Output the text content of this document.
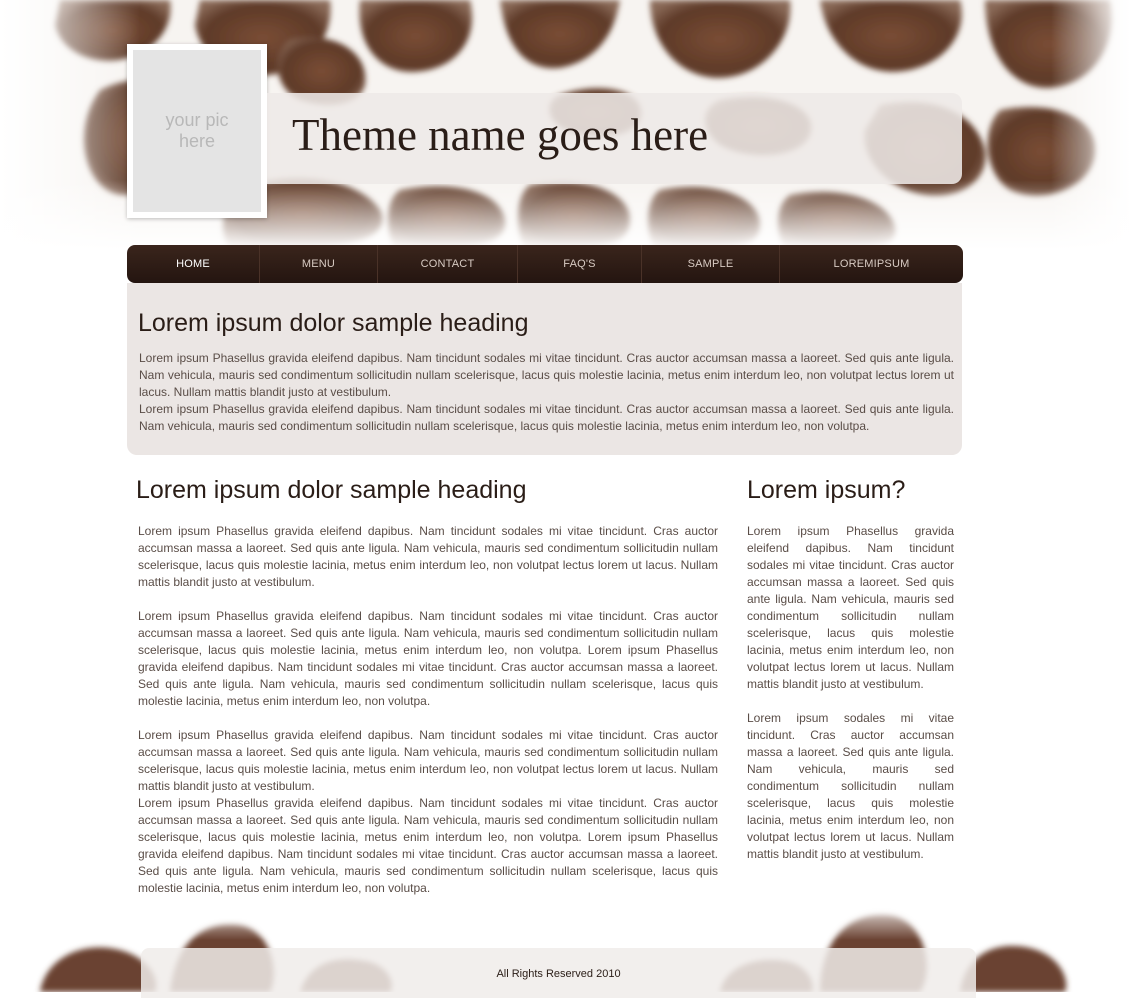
your pic here	Theme name goes here
HOME	MENU	CONTACT	FAQ'S	SAMPLE	LOREMIPSUM
Lorem ipsum dolor sample heading

Lorem ipsum Phasellus gravida eleifend dapibus. Nam tincidunt sodales mi vitae tincidunt. Cras auctor accumsan massa a laoreet. Sed quis ante ligula. Nam vehicula, mauris sed condimentum sollicitudin nullam scelerisque, lacus quis molestie lacinia, metus enim interdum leo, non volutpat lectus lorem ut lacus. Nullam mattis blandit justo at vestibulum.
Lorem ipsum Phasellus gravida eleifend dapibus. Nam tincidunt sodales mi vitae tincidunt. Cras auctor accumsan massa a laoreet. Sed quis ante ligula. Nam vehicula, mauris sed condimentum sollicitudin nullam scelerisque, lacus quis molestie lacinia, metus enim interdum leo, non volutpa.

Lorem ipsum dolor sample heading

Lorem ipsum Phasellus gravida eleifend dapibus. Nam tincidunt sodales mi vitae tincidunt. Cras auctor accumsan massa a laoreet. Sed quis ante ligula. Nam vehicula, mauris sed condimentum sollicitudin nullam scelerisque, lacus quis molestie lacinia, metus enim interdum leo, non volutpat lectus lorem ut lacus. Nullam mattis blandit justo at vestibulum.

Lorem ipsum Phasellus gravida eleifend dapibus. Nam tincidunt sodales mi vitae tincidunt. Cras auctor accumsan massa a laoreet. Sed quis ante ligula. Nam vehicula, mauris sed condimentum sollicitudin nullam scelerisque, lacus quis molestie lacinia, metus enim interdum leo, non volutpa. Lorem ipsum Phasellus gravida eleifend dapibus. Nam tincidunt sodales mi vitae tincidunt. Cras auctor accumsan massa a laoreet. Sed quis ante ligula. Nam vehicula, mauris sed condimentum sollicitudin nullam scelerisque, lacus quis molestie lacinia, metus enim interdum leo, non volutpa.

Lorem ipsum Phasellus gravida eleifend dapibus. Nam tincidunt sodales mi vitae tincidunt. Cras auctor accumsan massa a laoreet. Sed quis ante ligula. Nam vehicula, mauris sed condimentum sollicitudin nullam scelerisque, lacus quis molestie lacinia, metus enim interdum leo, non volutpat lectus lorem ut lacus. Nullam mattis blandit justo at vestibulum.

Lorem ipsum Phasellus gravida eleifend dapibus. Nam tincidunt sodales mi vitae tincidunt. Cras auctor accumsan massa a laoreet. Sed quis ante ligula. Nam vehicula, mauris sed condimentum sollicitudin nullam scelerisque, lacus quis molestie lacinia, metus enim interdum leo, non volutpa. Lorem ipsum Phasellus gravida eleifend dapibus. Nam tincidunt sodales mi vitae tincidunt. Cras auctor accumsan massa a laoreet. Sed quis ante ligula. Nam vehicula, mauris sed condimentum sollicitudin nullam scelerisque, lacus quis molestie lacinia, metus enim interdum leo, non volutpa.

Lorem ipsum?

Lorem ipsum Phasellus gravida eleifend dapibus. Nam tincidunt sodales mi vitae tincidunt. Cras auctor accumsan massa a laoreet. Sed quis ante ligula. Nam vehicula, mauris sed condimentum sollicitudin nullam scelerisque, lacus quis molestie lacinia, metus enim interdum leo, non volutpat lectus lorem ut lacus. Nullam mattis blandit justo at vestibulum.

Lorem ipsum sodales mi vitae tincidunt. Cras auctor accumsan massa a laoreet. Sed quis ante ligula. Nam vehicula, mauris sed condimentum sollicitudin nullam scelerisque, lacus quis molestie lacinia, metus enim interdum leo, non volutpat lectus lorem ut lacus. Nullam mattis blandit justo at vestibulum.

All Rights Reserved 2010
